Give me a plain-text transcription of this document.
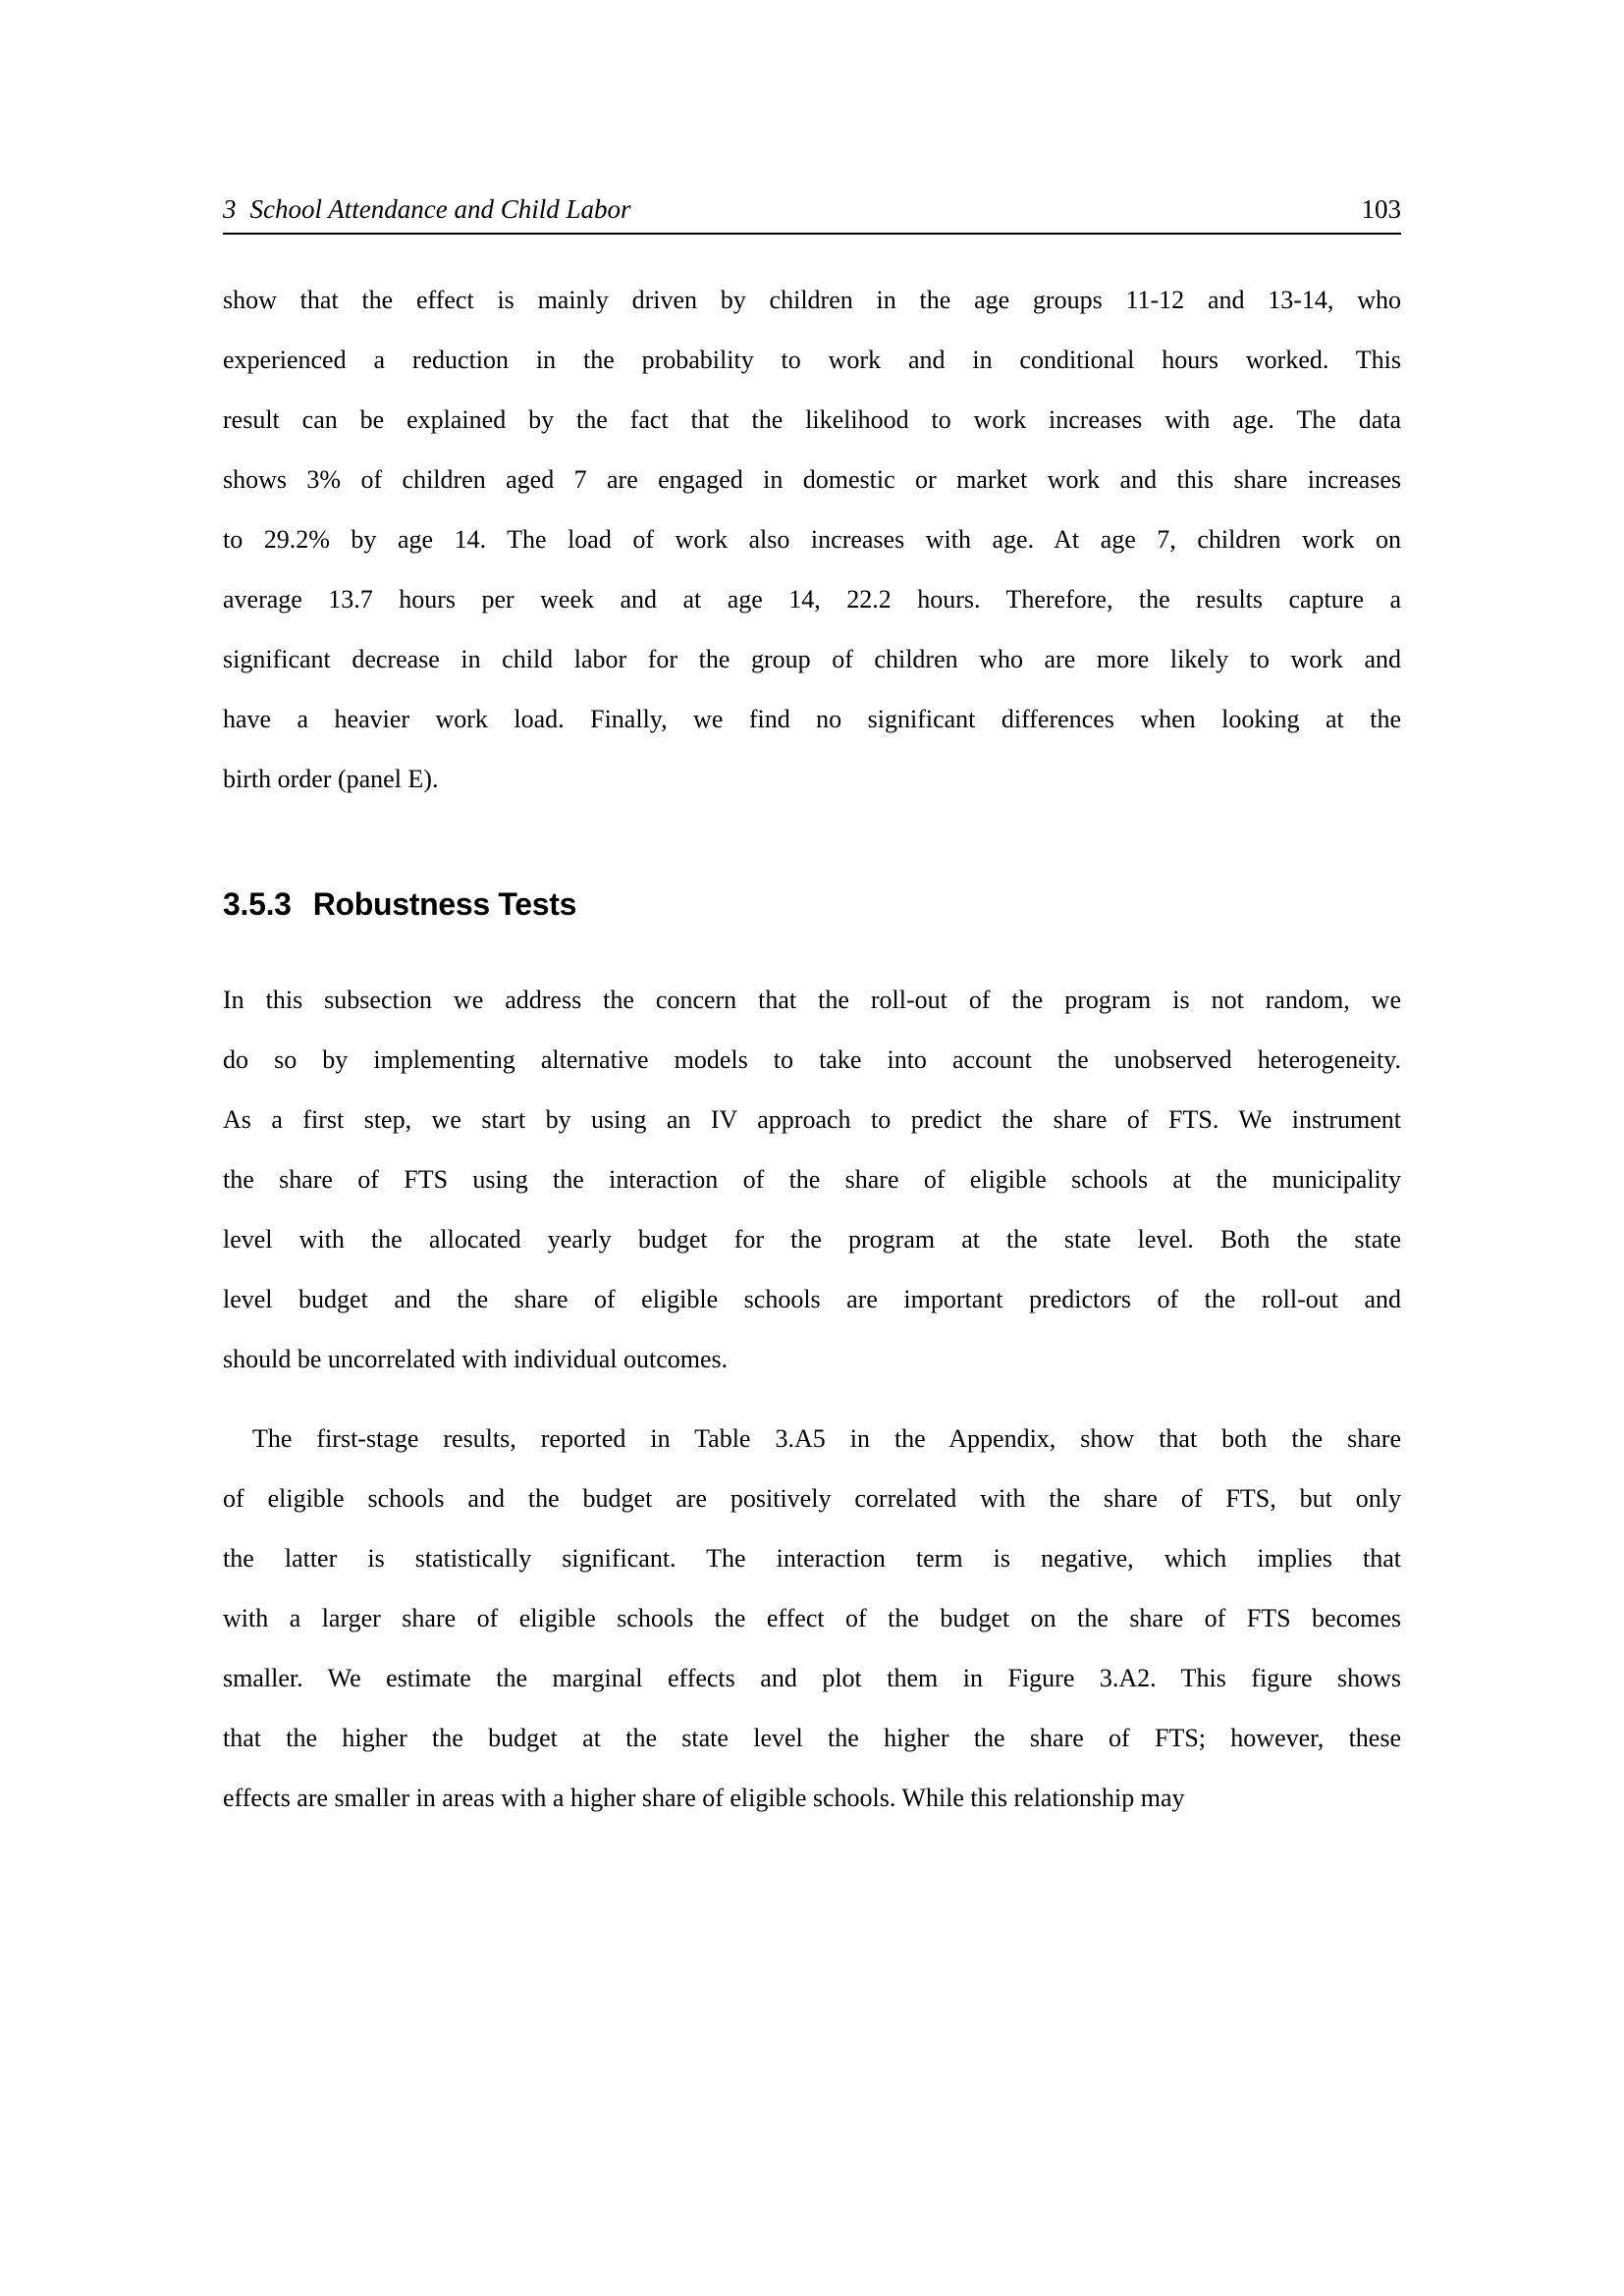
3 School Attendance and Child Labor	103
show that the effect is mainly driven by children in the age groups 11-12 and 13-14, who
experienced a reduction in the probability to work and in conditional hours worked. This
result can be explained by the fact that the likelihood to work increases with age. The data
shows 3% of children aged 7 are engaged in domestic or market work and this share increases
to 29.2% by age 14. The load of work also increases with age. At age 7, children work on
average 13.7 hours per week and at age 14, 22.2 hours. Therefore, the results capture a
significant decrease in child labor for the group of children who are more likely to work and
have a heavier work load. Finally, we find no significant differences when looking at the
birth order (panel E).
3.5.3 Robustness Tests
In this subsection we address the concern that the roll-out of the program is not random, we
do so by implementing alternative models to take into account the unobserved heterogeneity.
As a first step, we start by using an IV approach to predict the share of FTS. We instrument
the share of FTS using the interaction of the share of eligible schools at the municipality
level with the allocated yearly budget for the program at the state level. Both the state
level budget and the share of eligible schools are important predictors of the roll-out and
should be uncorrelated with individual outcomes.
The first-stage results, reported in Table 3.A5 in the Appendix, show that both the share
of eligible schools and the budget are positively correlated with the share of FTS, but only
the latter is statistically significant. The interaction term is negative, which implies that
with a larger share of eligible schools the effect of the budget on the share of FTS becomes
smaller. We estimate the marginal effects and plot them in Figure 3.A2. This figure shows
that the higher the budget at the state level the higher the share of FTS; however, these
effects are smaller in areas with a higher share of eligible schools. While this relationship may
